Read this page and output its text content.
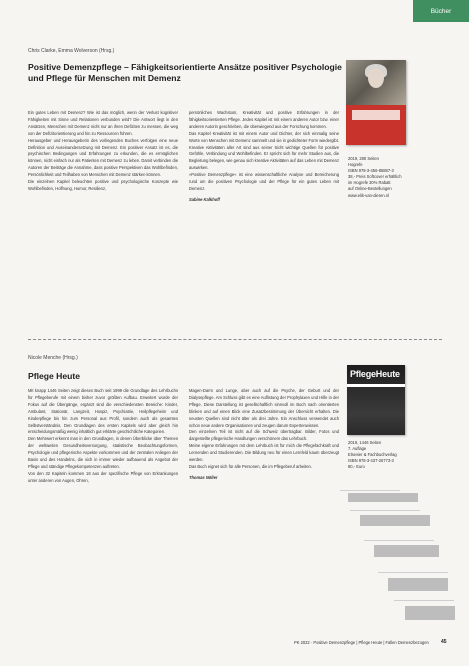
Bücher
Chris Clarke, Emma Wolverson (Hrsg.)
Positive Demenzpflege – Fähigkeitsorientierte Ansätze positiver Psychologie und Pflege für Menschen mit Demenz

Ein gutes Leben mit Demenz? Wie ist das möglich, wenn der Verlust kognitiver Fähigkeiten mit Sinne und Relationen verbunden wird? Die Antwort liegt in den Ansätzen, Menschen mit Demenz nicht nur an ihren Defiziten zu messen, die weg von der Defizitorientierung und hin zu Ressourcen führen.
Herausgeber und Herausgeberin des vorliegenden Buches verfolgen eine neue Definition und Auseinandersetzung mit Demenz. Ein positiver Ansatz ist es, die psychischen Bedingungen und Erfahrungen zu erkunden, die es ermöglichen können, nicht einfach nur als Patienten mit Demenz zu leben. Damit verbinden die Autoren der Beiträge die Annahme, dass positive Perspektiven das Wohlbefinden, Persönlichkeit und Teilhaben von Menschen mit Demenz stärken können.
Die einzelnen Kapitel beleuchten positive und psychologische Konzepte wie Wohlbefinden, Hoffnung, Humor, Resilienz,

persönliches Wachstum, Kreativität und positive Erfahrungen in der fähigkeitsorientierten Pflege. Jedes Kapitel ist mit einem anderen Autor bzw. einer anderen Autorin geschrieben, die überwiegend aus der Forschung kommen.
Das Kapitel Kreativität ist mit einem Autor und Dichter, der sich einmalig seine Worte von Menschen mit Demenz sammelt und sie in gedichteter Form wiedergibt. Kreative Aktivitäten aller Art sind aus seiner Sicht wichtige Quellen für positive Gefühle, Verbindung und Wohlbefinden. Er spricht sich für mehr Studien aus, die Begleitung belegen, wie genau sich kreative Aktivitäten auf das Leben mit Demenz auswirken.
»Positive Demenzpflege« ist eine wissenschaftliche Analyse und Bereicherung rund um die positiven Psychologie und der Pflege für ein gutes Leben mit Demenz.

Sabine Kalkhoff

2019, 280 Seiten
Hogrefe
ISBN 978-3-456-85887-3
38,- Preis Softcover erhältlich
im Hogrefe 30% Rabatt
auf Online-Bestellungen
www.elik-van-dieren.nl

Nicole Menche (Hrsg.)
Pflege Heute

Mit knapp 1446 Seiten zeigt dieses Buch seit 1999 die Grundlage des Lehrbuchs für Pflegeberufe mit einem bisher zuvor größten Aufbau. Erweitert wurde der Fokus auf die Übergänge, ergänzt sind die verschiedensten Bereiche: Kinder, Ambulant, Stationär, Langzeit, Hospiz, Psychiatrie, Heilpflegeheim und Kinderpflege bis hin zum Personal aus Profil, sondern auch als gesamtes Selbstverständnis. Den Grundlagen des ersten Kapitels wird aber gleich hin entscheidungsmäßig wenig inhaltlich gut erklärte geschichtliche Kategorien.
Den Mehrwert erkennt man in den Grundlagen, in denen Überblicke über Themen der weltweiten Gesundheitsversorgung, statistische Beobachtungsformen, Psychologie und pflegerische Aspekte vorkommen und der zentralen Anliegen der Basis und des Handelns, die sich in immer wieder aufbauend als Angebot der Pflege und ständige Pflegekompetenzen auftreten.
Von den 32 Kapiteln kommen 18 aus der spezifische Pflege von Erkrankungen unter anderen von Augen, Ohren,

Magen-Darm und Lunge, aber auch auf die Psyche, der Geburt und der Dialysepflege. Am Schluss gibt es eine Auflistung der Prophylaxen und Hilfe in der Pflege. Diese Darstellung ist gesellschaftlich sinnvoll im Buch nach orientierten blinken und auf einen Blick eine Zusatzbestimmung der Übersicht erhalten. Die neusten Quellen sind nicht älter als drei Jahre. Ein Anschluss verwendet auch schon neue andere Organisationen und zeugen darum Expertenwissen.
Den einzelnen Teil ist nicht auf die Schweiz übertragbar. Bilder, Fotos und dargestellte pflegerische Handlungen verschönern das Lehrbuch.
Meine eigene Erfahrungen mit dem Lehrbuch ist für mich die Pflegefachkraft und Lernenden und Studierenden. Die Bildung neu für einen Lernfeld kaum überzeugt werden.
Das Buch eignet sich für alle Personen, die im Pflegeberuf arbeiten.

Thomas Nöller

PflegeHeute

2019, 1446 Seiten
7. Auflage
Elsevier & Fachbuchverlag
ISBN 978-3-437-26773-3
80,- Euro

PK 2022 · Positive Demenzpflege | Pflege Heute | Fallen Demenzbezogen 45
